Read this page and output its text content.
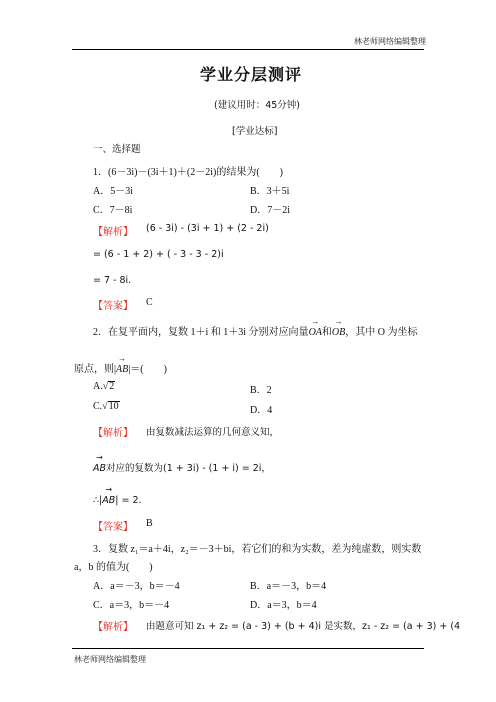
林老师网络编辑整理
林老师网络编辑整理
学业分层测评
(建议用时：45分钟)
[学业达标]
一、选择题
1．(6－3i)－(3i＋1)＋(2－2i)的结果为(　　)
A．5－3i	B．3＋5i
C．7－8i	D．7－2i
【解析】 (6 - 3i) - (3i + 1) + (2 - 2i)
= (6 - 1 + 2) + ( - 3 - 3 - 2)i
= 7 - 8i.
【答案】 C
2．在复平面内，复数 1＋i 和 1＋3i 分别对应向量
→
OA和
→
OB，其中 O 为坐标
原点，则|
→
AB|＝(　　)
A.√2	B．2
C.√10	D．4
【解析】 由复数减法运算的几何意义知，
→
AB对应的复数为(1 + 3i) - (1 + i) = 2i，
∴|
→
AB| = 2.
【答案】 B
3．复数 z₁＝a＋4i，z₂＝－3＋bi，若它们的和为实数，差为纯虚数，则实数
a，b 的值为(　　)
A．a＝－3，b＝－4	B．a＝－3，b＝4
C．a＝3，b＝－4	D．a＝3，b＝4
【解析】 由题意可知 z₁ + z₂ = (a - 3) + (b + 4)i 是实数，z₁ - z₂ = (a + 3) + (4
